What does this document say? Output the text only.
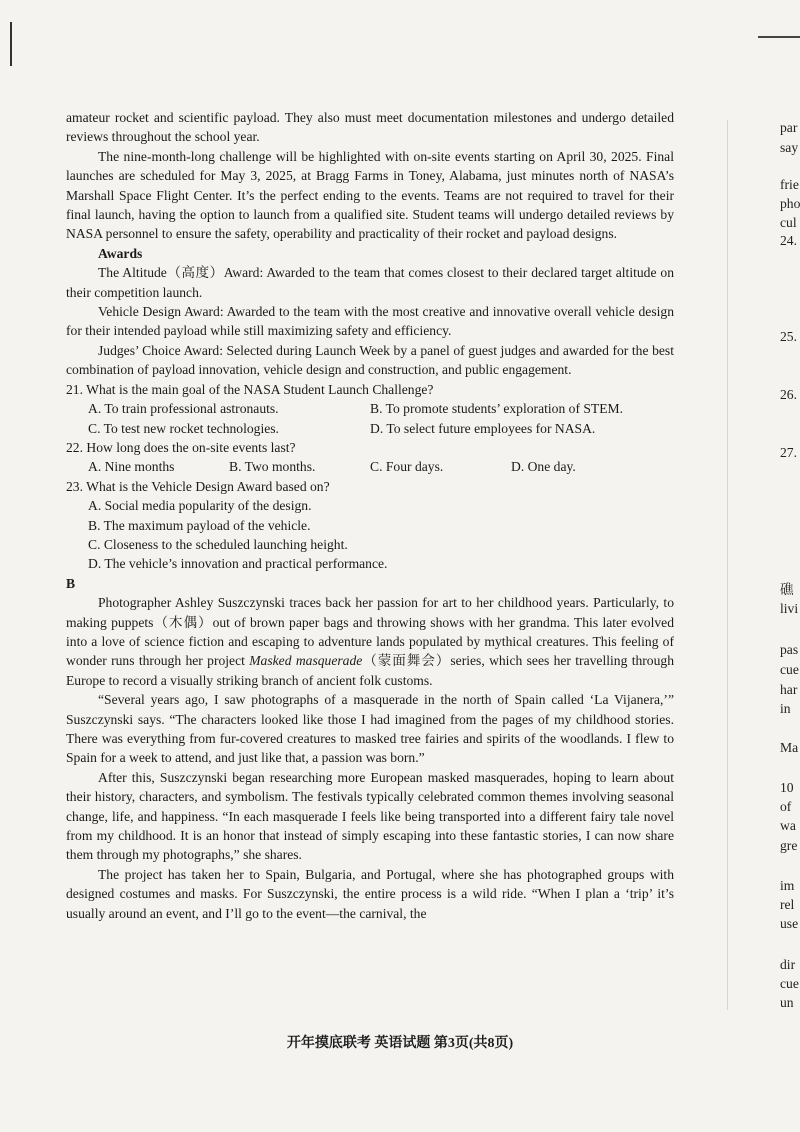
amateur rocket and scientific payload. They also must meet documentation milestones and undergo detailed reviews throughout the school year.

The nine-month-long challenge will be highlighted with on-site events starting on April 30, 2025. Final launches are scheduled for May 3, 2025, at Bragg Farms in Toney, Alabama, just minutes north of NASA’s Marshall Space Flight Center. It’s the perfect ending to the events. Teams are not required to travel for their final launch, having the option to launch from a qualified site. Student teams will undergo detailed reviews by NASA personnel to ensure the safety, operability and practicality of their rocket and payload designs.

Awards

The Altitude（高度）Award: Awarded to the team that comes closest to their declared target altitude on their competition launch.

Vehicle Design Award: Awarded to the team with the most creative and innovative overall vehicle design for their intended payload while still maximizing safety and efficiency.

Judges’ Choice Award: Selected during Launch Week by a panel of guest judges and awarded for the best combination of payload innovation, vehicle design and construction, and public engagement.

21. What is the main goal of the NASA Student Launch Challenge?

A. To train professional astronauts.	B. To promote students’ exploration of STEM.
C. To test new rocket technologies.	D. To select future employees for NASA.

22. How long does the on-site events last?

A. Nine months	B. Two months.	C. Four days.	D. One day.

23. What is the Vehicle Design Award based on?

A. Social media popularity of the design.
B. The maximum payload of the vehicle.
C. Closeness to the scheduled launching height.
D. The vehicle’s innovation and practical performance.

B

Photographer Ashley Suszczynski traces back her passion for art to her childhood years. Particularly, to making puppets（木偶）out of brown paper bags and throwing shows with her grandma. This later evolved into a love of science fiction and escaping to adventure lands populated by mythical creatures. This feeling of wonder runs through her project Masked masquerade（蒙面舞会）series, which sees her travelling through Europe to record a visually striking branch of ancient folk customs.

“Several years ago, I saw photographs of a masquerade in the north of Spain called ‘La Vijanera,’” Suszczynski says. “The characters looked like those I had imagined from the pages of my childhood stories. There was everything from fur-covered creatures to masked tree fairies and spirits of the woodlands. I flew to Spain for a week to attend, and just like that, a passion was born.”

After this, Suszczynski began researching more European masked masquerades, hoping to learn about their history, characters, and symbolism. The festivals typically celebrated common themes involving seasonal change, life, and happiness. “In each masquerade I feels like being transported into a different fairy tale novel from my childhood. It is an honor that instead of simply escaping into these fantastic stories, I can now share them through my photographs,” she shares.

The project has taken her to Spain, Bulgaria, and Portugal, where she has photographed groups with designed costumes and masks. For Suszczynski, the entire process is a wild ride. “When I plan a ‘trip’ it’s usually around an event, and I’ll go to the event—the carnival, the

开年摸底联考 英语试题 第3页(共8页)
par
say
frie
pho
cul
24.
25.
26.
27.
礁
livi
pas
cue
har
in
Ma
10
of
wa
gre
im
rel
use
dir
cue
un
